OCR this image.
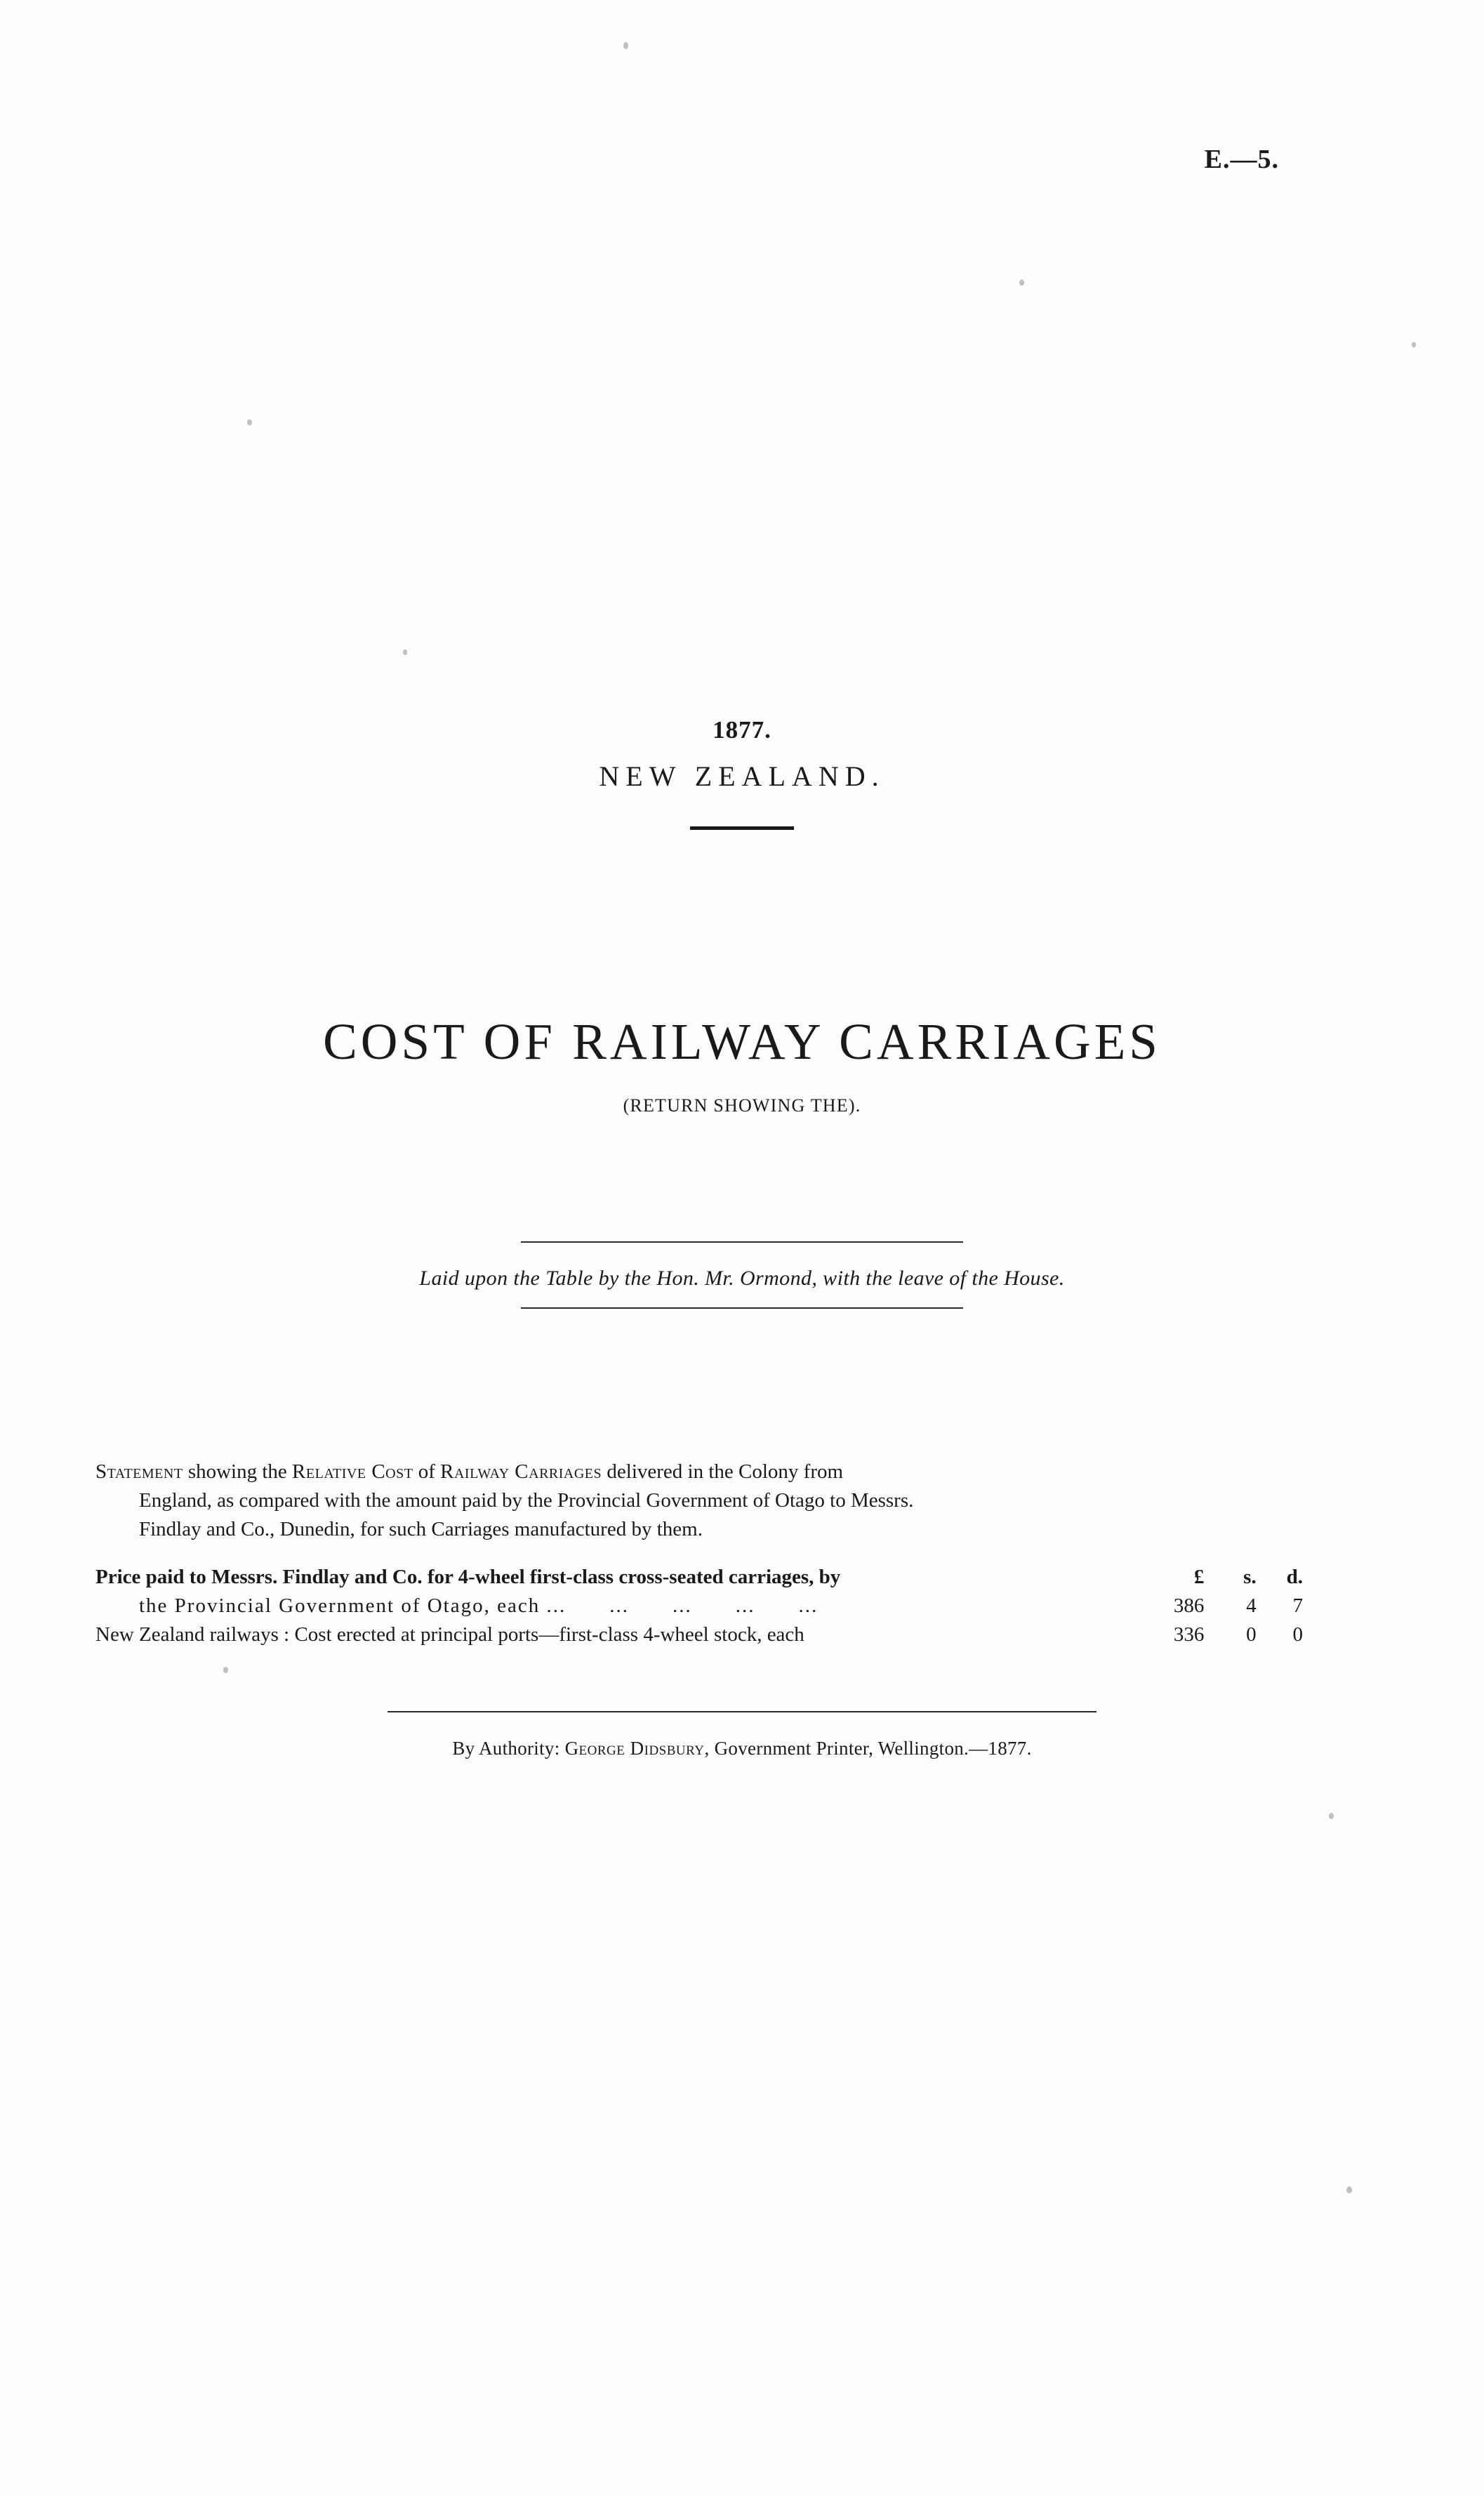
E.—5.
1877.
NEW ZEALAND.
COST OF RAILWAY CARRIAGES
(RETURN SHOWING THE).
Laid upon the Table by the Hon. Mr. Ormond, with the leave of the House.
Statement showing the Relative Cost of Railway Carriages delivered in the Colony from
England, as compared with the amount paid by the Provincial Government of Otago to Messrs.
Findlay and Co., Dunedin, for such Carriages manufactured by them.
Price paid to Messrs. Findlay and Co. for 4-wheel first-class cross-seated carriages, by	£	s.	d.

the Provincial Government of Otago, each ...  ...  ...  ...  ...	386	4	7
New Zealand railways : Cost erected at principal ports—first-class 4-wheel stock, each	336	0	0
By Authority: George Didsbury, Government Printer, Wellington.—1877.
